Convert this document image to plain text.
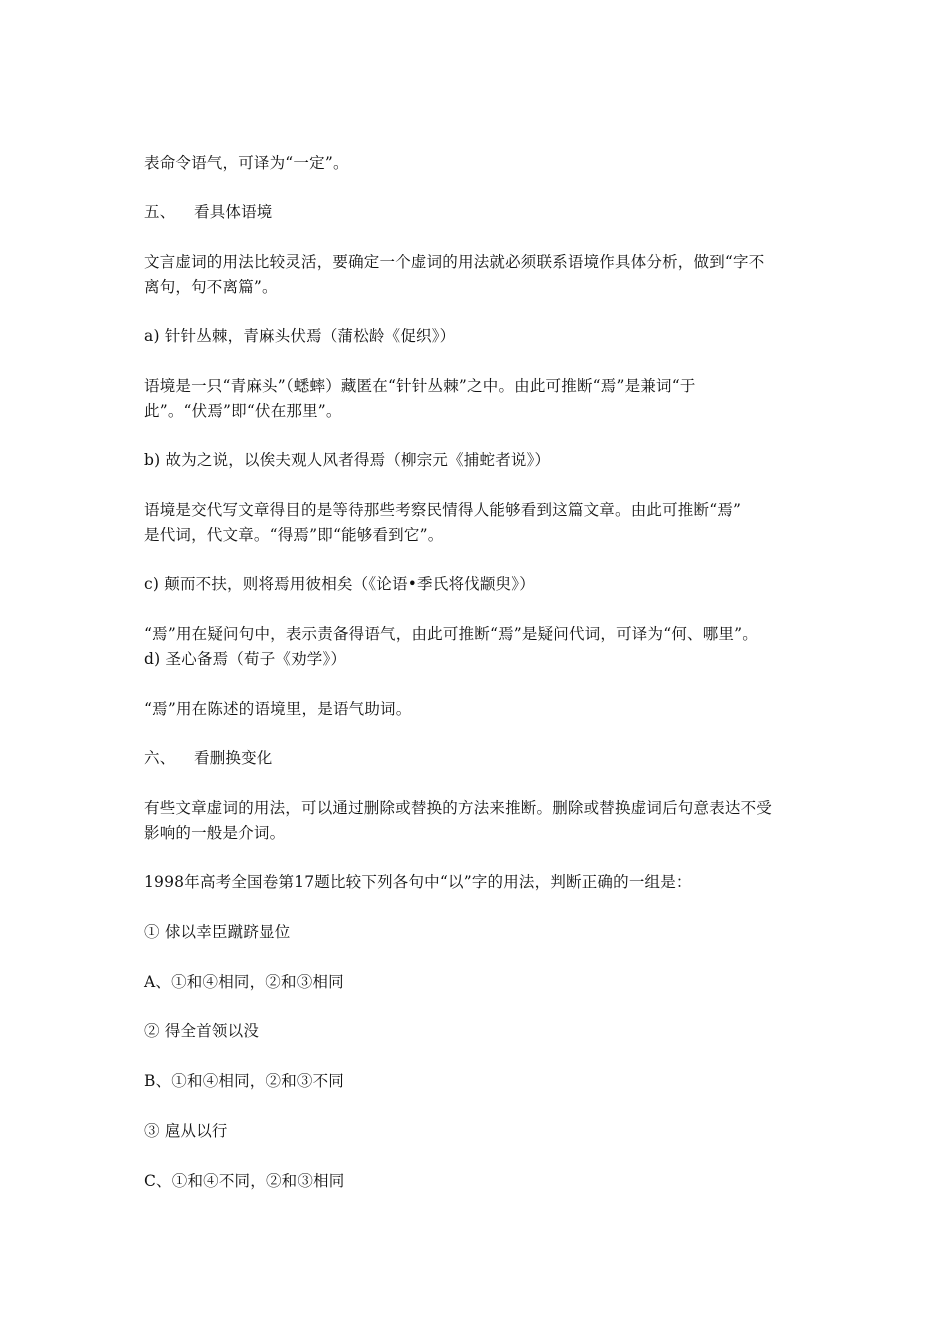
表命令语气，可译为“一定”。
五、 看具体语境
文言虚词的用法比较灵活，要确定一个虚词的用法就必须联系语境作具体分析，做到“字不
离句，句不离篇”。
a) 针针丛棘，青麻头伏焉（蒲松龄《促织》）
语境是一只“青麻头”（蟋蟀）藏匿在“针针丛棘”之中。由此可推断“焉”是兼词“于
此”。“伏焉”即“伏在那里”。
b) 故为之说，以俟夫观人风者得焉（柳宗元《捕蛇者说》）
语境是交代写文章得目的是等待那些考察民情得人能够看到这篇文章。由此可推断“焉”
是代词，代文章。“得焉”即“能够看到它”。
c) 颠而不扶，则将焉用彼相矣（《论语•季氏将伐颛臾》）
“焉”用在疑问句中，表示责备得语气，由此可推断“焉”是疑问代词，可译为“何、哪里”。
d) 圣心备焉（荀子《劝学》）
“焉”用在陈述的语境里，是语气助词。
六、 看删换变化
有些文章虚词的用法，可以通过删除或替换的方法来推断。删除或替换虚词后句意表达不受
影响的一般是介词。
1998年高考全国卷第17题比较下列各句中“以”字的用法，判断正确的一组是：
① 俅以幸臣蹴跻显位
A、①和④相同，②和③相同
② 得全首领以没
B、①和④相同，②和③不同
③ 扈从以行
C、①和④不同，②和③相同
